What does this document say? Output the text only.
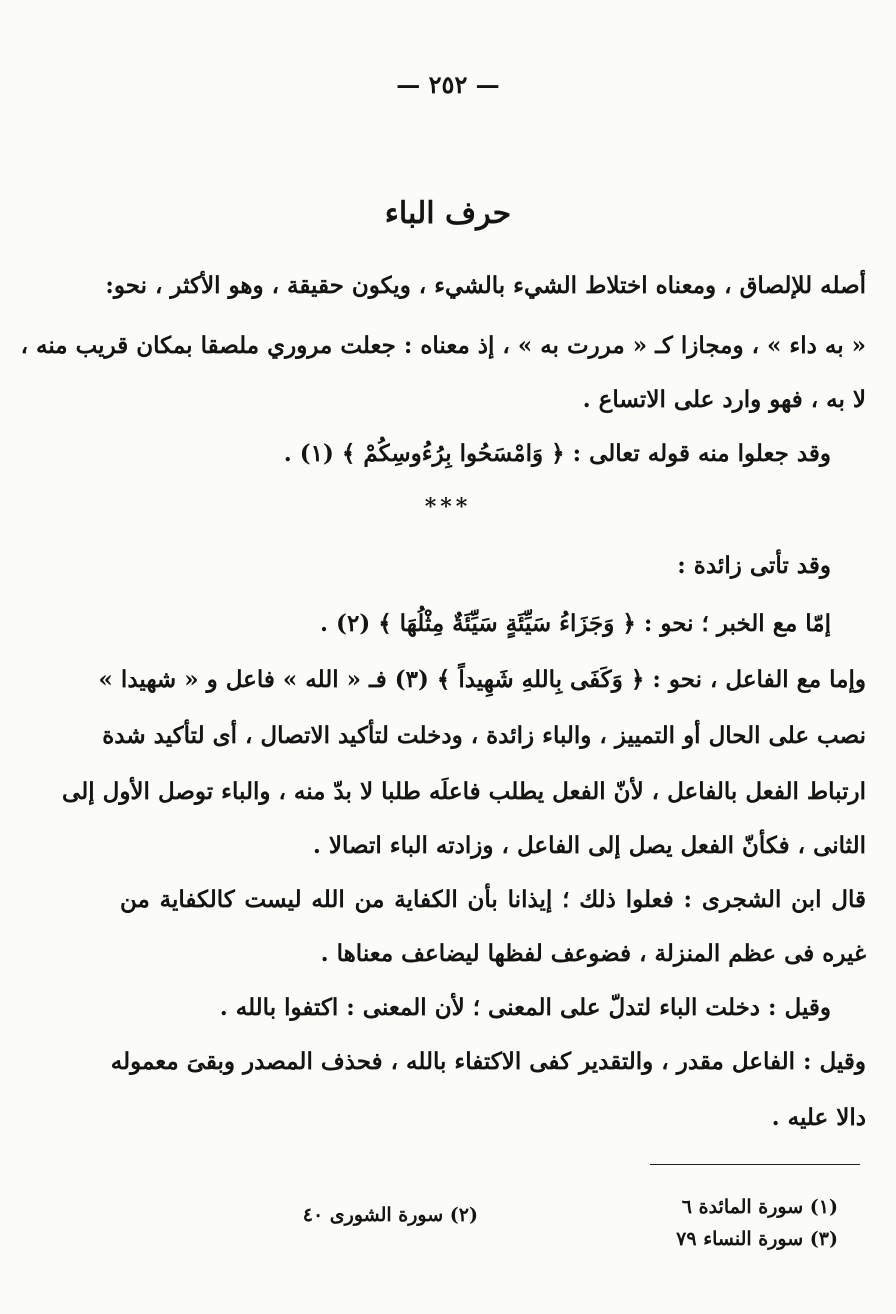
— ٢٥٢ —
حرف الباء
أصله للإلصاق ، ومعناه اختلاط الشيء بالشيء ، ويكون حقيقة ، وهو الأكثر ، نحو:
« به داء » ، ومجازا كـ « مررت به » ، إذ معناه : جعلت مروري ملصقا بمكان قريب منه ،
لا به ، فهو وارد على الاتساع .
وقد جعلوا منه قوله تعالى : ﴿ وَامْسَحُوا بِرُءُوسِكُمْ ﴾ (١) .
***
وقد تأتى زائدة :
إمّا مع الخبر ؛ نحو : ﴿ وَجَزَاءُ سَيِّئَةٍ سَيِّئَةٌ مِثْلُهَا ﴾ (٢) .
وإما مع الفاعل ، نحو : ﴿ وَكَفَى بِاللهِ شَهِيداً ﴾ (٣) فـ « الله » فاعل و « شهيدا »
نصب على الحال أو التمييز ، والباء زائدة ، ودخلت لتأكيد الاتصال ، أى لتأكيد شدة
ارتباط الفعل بالفاعل ، لأنّ الفعل يطلب فاعلَه طلبا لا بدّ منه ، والباء توصل الأول إلى
الثانى ، فكأنّ الفعل يصل إلى الفاعل ، وزادته الباء اتصالا .
قال ابن الشجرى : فعلوا ذلك ؛ إيذانا بأن الكفاية من الله ليست كالكفاية من
غيره فى عظم المنزلة ، فضوعف لفظها ليضاعف معناها .
وقيل : دخلت الباء لتدلّ على المعنى ؛ لأن المعنى : اكتفوا بالله .
وقيل : الفاعل مقدر ، والتقدير كفى الاكتفاء بالله ، فحذف المصدر وبقىَ معموله
دالا عليه .
(١) سورة المائدة ٦
(٢) سورة الشورى ٤٠
(٣) سورة النساء ٧٩
